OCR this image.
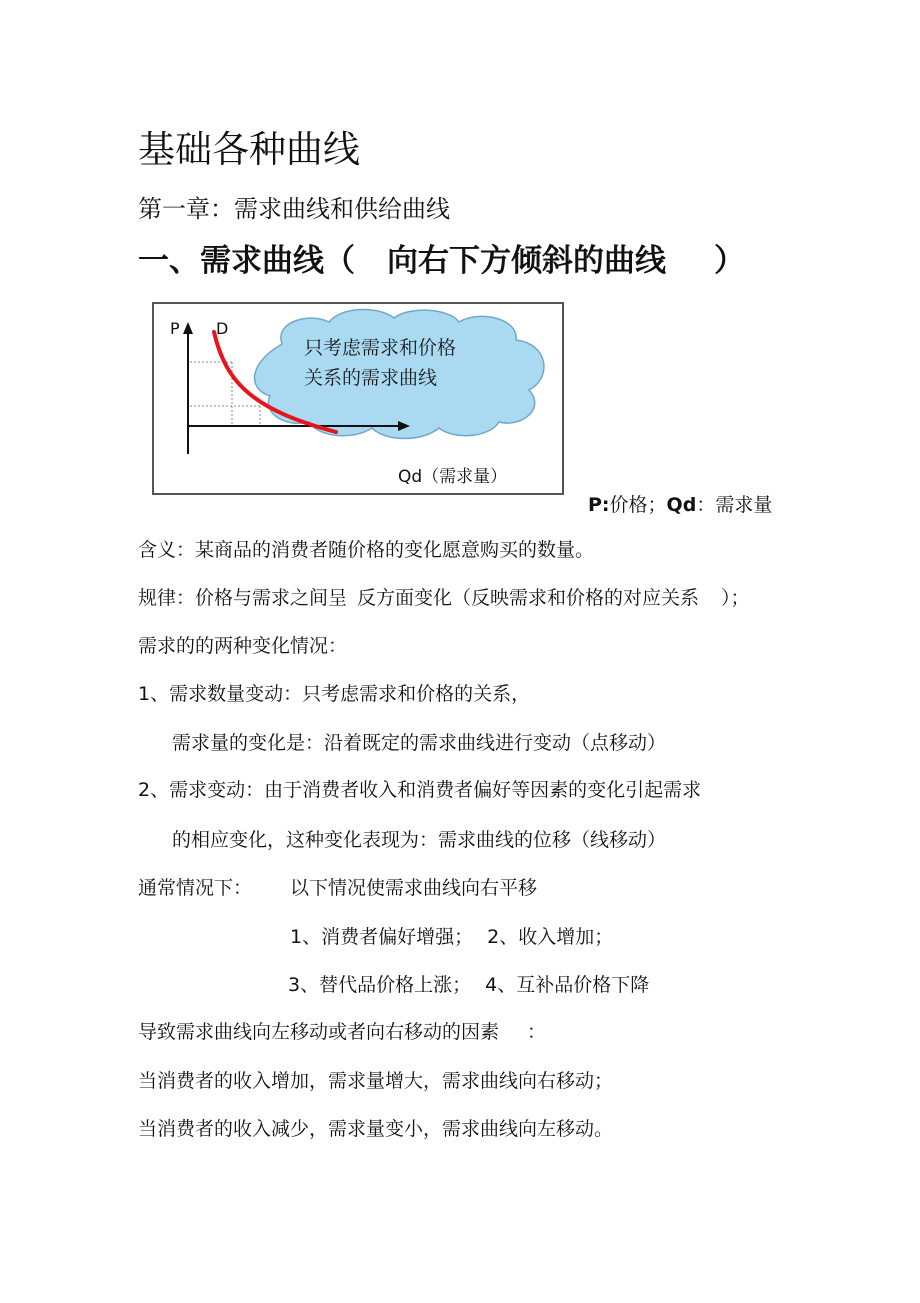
基础各种曲线

第一章：需求曲线和供给曲线

一、需求曲线（ 向右下方倾斜的曲线 ）
只考虑需求和价格
关系的需求曲线
P D
Qd（需求量）

P:价格；Qd：需求量

含义：某商品的消费者随价格的变化愿意购买的数量。

规律：价格与需求之间呈 反方面变化（反映需求和价格的对应关系 ）；

需求的的两种变化情况：

1、需求数量变动：只考虑需求和价格的关系，

需求量的变化是：沿着既定的需求曲线进行变动（点移动）

2、需求变动：由于消费者收入和消费者偏好等因素的变化引起需求

的相应变化，这种变化表现为：需求曲线的位移（线移动）

通常情况下： 以下情况使需求曲线向右平移

1、消费者偏好增强； 2、收入增加；

3、替代品价格上涨； 4、互补品价格下降

导致需求曲线向左移动或者向右移动的因素 ：

当消费者的收入增加，需求量增大，需求曲线向右移动；

当消费者的收入减少，需求量变小，需求曲线向左移动。
